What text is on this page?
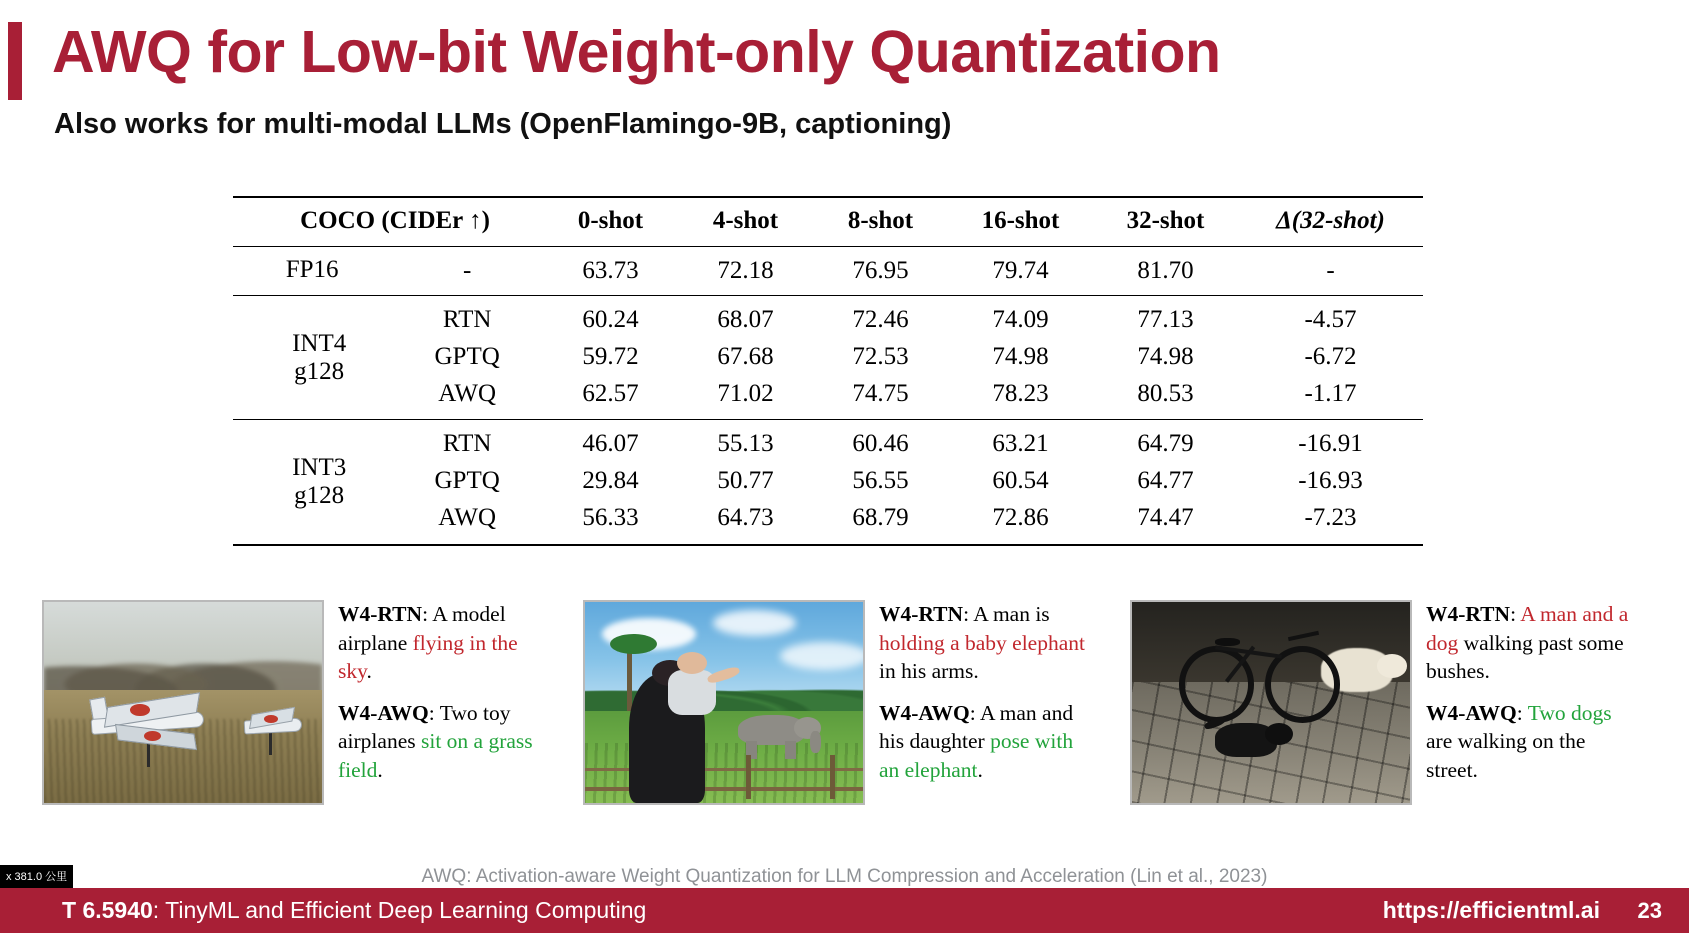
AWQ for Low-bit Weight-only Quantization
Also works for multi-modal LLMs (OpenFlamingo-9B, captioning)
COCO (CIDEr ↑)		0-shot	4-shot	8-shot	16-shot	32-shot	Δ(32-shot)
FP16	-	63.73	72.18	76.95	79.74	81.70	-

INT4
g128	RTN	60.24	68.07	72.46	74.09	77.13	-4.57
	GPTQ	59.72	67.68	72.53	74.98	74.98	-6.72
	AWQ	62.57	71.02	74.75	78.23	80.53	-1.17

INT3
g128	RTN	46.07	55.13	60.46	63.21	64.79	-16.91
	GPTQ	29.84	50.77	56.55	60.54	64.77	-16.93
	AWQ	56.33	64.73	68.79	72.86	74.47	-7.23

W4-RTN: A model airplane flying in the sky.

W4-AWQ: Two toy airplanes sit on a grass field.

W4-RTN: A man is holding a baby elephant in his arms.

W4-AWQ: A man and his daughter pose with an elephant.

W4-RTN: A man and a dog walking past some bushes.

W4-AWQ: Two dogs are walking on the street.

AWQ: Activation-aware Weight Quantization for LLM Compression and Acceleration (Lin et al., 2023)
T 6.5940: TinyML and Efficient Deep Learning Computing	https://efficientml.ai 23
x 381.0 公里
